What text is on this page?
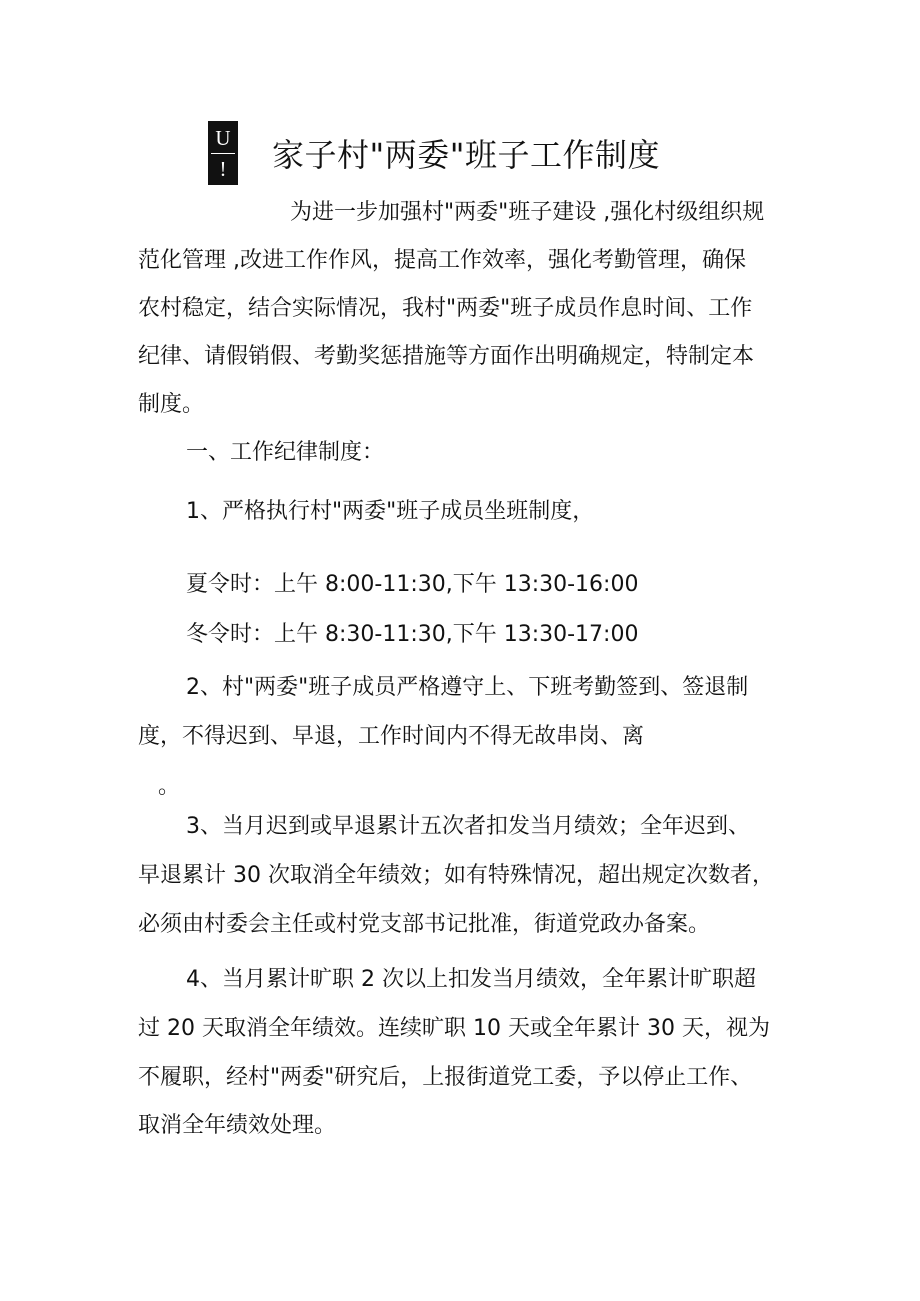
U
! 家子村"两委"班子工作制度
为进一步加强村"两委"班子建设 ,强化村级组织规
范化管理 ,改进工作作风，提高工作效率，强化考勤管理，确保
农村稳定，结合实际情况，我村"两委"班子成员作息时间、工作
纪律、请假销假、考勤奖惩措施等方面作出明确规定，特制定本
制度。
一、工作纪律制度：
1、严格执行村"两委"班子成员坐班制度，
夏令时：上午 8:00-11:30,下午 13:30-16:00
冬令时：上午 8:30-11:30,下午 13:30-17:00
2、村"两委"班子成员严格遵守上、下班考勤签到、签退制
度，不得迟到、早退，工作时间内不得无故串岗、离
。
3、当月迟到或早退累计五次者扣发当月绩效；全年迟到、
早退累计 30 次取消全年绩效；如有特殊情况，超出规定次数者，
必须由村委会主任或村党支部书记批准，街道党政办备案。
4、当月累计旷职 2 次以上扣发当月绩效，全年累计旷职超
过 20 天取消全年绩效。连续旷职 10 天或全年累计 30 天，视为
不履职，经村"两委"研究后，上报街道党工委，予以停止工作、
取消全年绩效处理。
